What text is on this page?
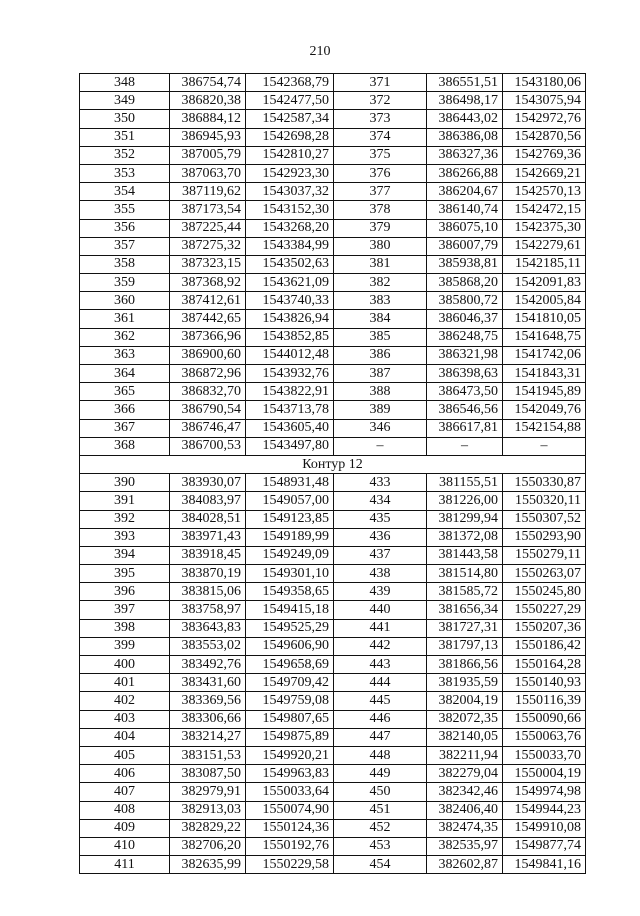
210
348	386754,74	1542368,79	371	386551,51	1543180,06
349	386820,38	1542477,50	372	386498,17	1543075,94
350	386884,12	1542587,34	373	386443,02	1542972,76
351	386945,93	1542698,28	374	386386,08	1542870,56
352	387005,79	1542810,27	375	386327,36	1542769,36
353	387063,70	1542923,30	376	386266,88	1542669,21
354	387119,62	1543037,32	377	386204,67	1542570,13
355	387173,54	1543152,30	378	386140,74	1542472,15
356	387225,44	1543268,20	379	386075,10	1542375,30
357	387275,32	1543384,99	380	386007,79	1542279,61
358	387323,15	1543502,63	381	385938,81	1542185,11
359	387368,92	1543621,09	382	385868,20	1542091,83
360	387412,61	1543740,33	383	385800,72	1542005,84
361	387442,65	1543826,94	384	386046,37	1541810,05
362	387366,96	1543852,85	385	386248,75	1541648,75
363	386900,60	1544012,48	386	386321,98	1541742,06
364	386872,96	1543932,76	387	386398,63	1541843,31
365	386832,70	1543822,91	388	386473,50	1541945,89
366	386790,54	1543713,78	389	386546,56	1542049,76
367	386746,47	1543605,40	346	386617,81	1542154,88
368	386700,53	1543497,80	–	–	–
Контур 12					
390	383930,07	1548931,48	433	381155,51	1550330,87
391	384083,97	1549057,00	434	381226,00	1550320,11
392	384028,51	1549123,85	435	381299,94	1550307,52
393	383971,43	1549189,99	436	381372,08	1550293,90
394	383918,45	1549249,09	437	381443,58	1550279,11
395	383870,19	1549301,10	438	381514,80	1550263,07
396	383815,06	1549358,65	439	381585,72	1550245,80
397	383758,97	1549415,18	440	381656,34	1550227,29
398	383643,83	1549525,29	441	381727,31	1550207,36
399	383553,02	1549606,90	442	381797,13	1550186,42
400	383492,76	1549658,69	443	381866,56	1550164,28
401	383431,60	1549709,42	444	381935,59	1550140,93
402	383369,56	1549759,08	445	382004,19	1550116,39
403	383306,66	1549807,65	446	382072,35	1550090,66
404	383214,27	1549875,89	447	382140,05	1550063,76
405	383151,53	1549920,21	448	382211,94	1550033,70
406	383087,50	1549963,83	449	382279,04	1550004,19
407	382979,91	1550033,64	450	382342,46	1549974,98
408	382913,03	1550074,90	451	382406,40	1549944,23
409	382829,22	1550124,36	452	382474,35	1549910,08
410	382706,20	1550192,76	453	382535,97	1549877,74
411	382635,99	1550229,58	454	382602,87	1549841,16
